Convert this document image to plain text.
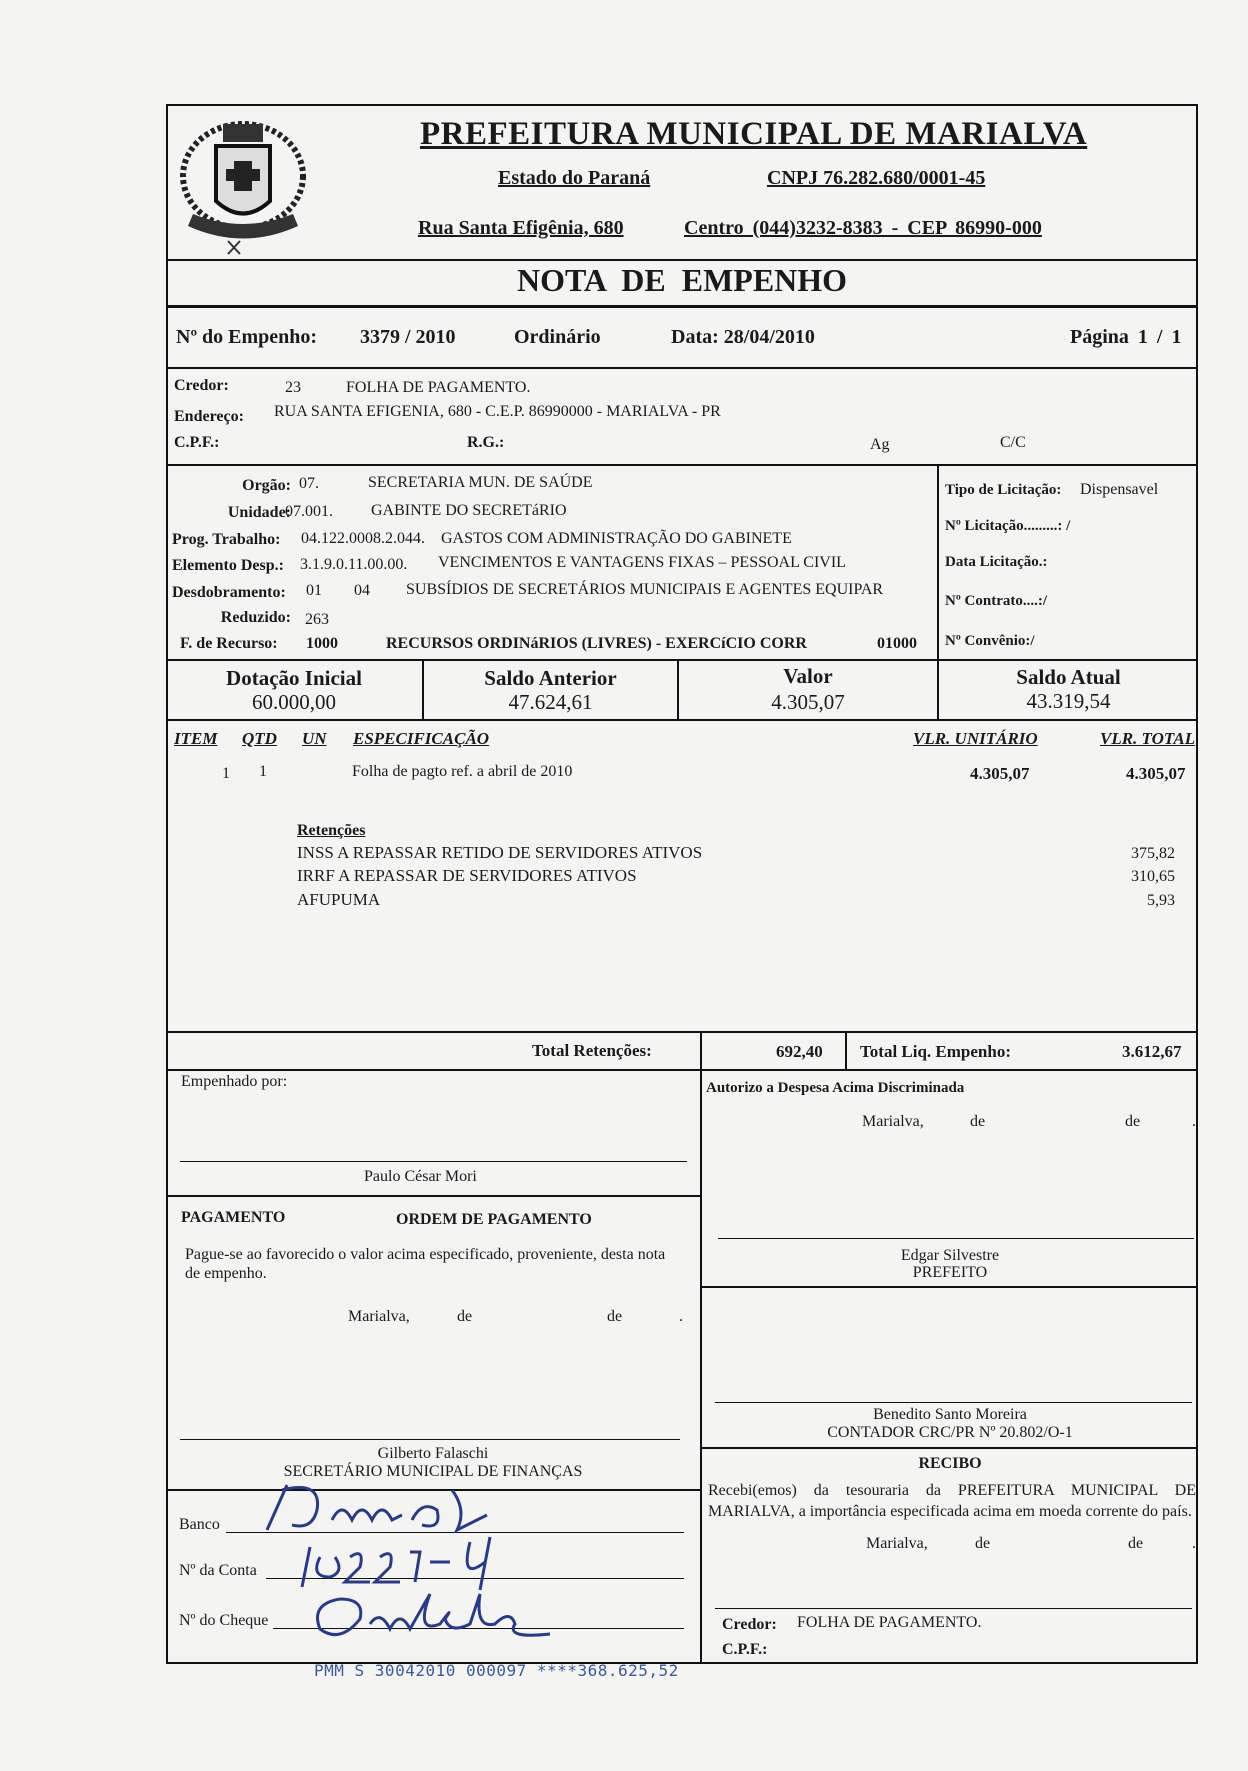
PREFEITURA MUNICIPAL DE MARIALVA
Estado do Paraná	CNPJ 76.282.680/0001-45
Rua Santa Efigênia, 680	Centro (044)3232-8383 - CEP 86990-000
NOTA DE EMPENHO
Nº do Empenho: 3379 / 2010	Ordinário	Data: 28/04/2010	Página 1 / 1
Credor:	23	FOLHA DE PAGAMENTO.
Endereço: RUA SANTA EFIGENIA, 680 - C.E.P. 86990000 - MARIALVA - PR
C.P.F.:	R.G.:	Ag	C/C
Orgão: 07.	SECRETARIA MUN. DE SAÚDE
Unidade:
07.001. GABINTE DO SECRETáRIO
Prog. Trabalho: 04.122.0008.2.044. GASTOS COM ADMINISTRAÇÃO DO GABINETE
Elemento Desp.: 3.1.9.0.11.00.00. VENCIMENTOS E VANTAGENS FIXAS – PESSOAL CIVIL
Desdobramento: 01 04 SUBSÍDIOS DE SECRETÁRIOS MUNICIPAIS E AGENTES EQUIPAR
Reduzido: 263
F. de Recurso: 1000	RECURSOS ORDINáRIOS (LIVRES) - EXERCíCIO CORR	01000
Tipo de Licitação: Dispensavel
Nº Licitação.........: /
Data Licitação.:
Nº Contrato....:/
Nº Convênio:/
Dotação Inicial
60.000,00
Saldo Anterior
47.624,61
Valor
4.305,07
Saldo Atual
43.319,54
ITEM QTD UN ESPECIFICAÇÃO	VLR. UNITÁRIO	VLR. TOTAL
1 1	Folha de pagto ref. a abril de 2010	4.305,07	4.305,07
Retenções
INSS A REPASSAR RETIDO DE SERVIDORES ATIVOS	375,82
IRRF A REPASSAR DE SERVIDORES ATIVOS	310,65
AFUPUMA	5,93
Total Retenções:	692,40 Total Liq. Empenho:	3.612,67
Empenhado por:
Paulo César Mori
PAGAMENTO	ORDEM DE PAGAMENTO
Pague-se ao favorecido o valor acima especificado, proveniente, desta nota de empenho.
Marialva,	de	de	.
Gilberto Falaschi
SECRETÁRIO MUNICIPAL DE FINANÇAS
Banco
Nº da Conta
Nº do Cheque
Autorizo a Despesa Acima Discriminada
Marialva,	de	de	.
Edgar Silvestre
PREFEITO
Benedito Santo Moreira
CONTADOR CRC/PR Nº 20.802/O-1
RECIBO
Recebi(emos) da tesouraria da PREFEITURA MUNICIPAL DE MARIALVA, a importância especificada acima em moeda corrente do país.
Marialva,	de	de	.
Credor: FOLHA DE PAGAMENTO.
C.P.F.:
PMM S 30042010 000097 ****368.625,52
